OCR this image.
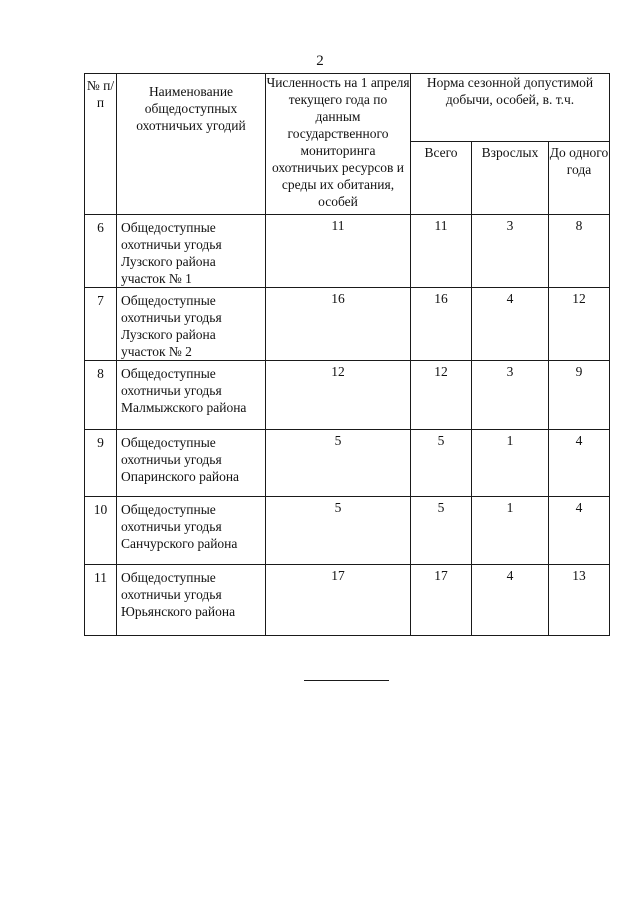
2
№ п/п	Наименование общедоступных охотничьих угодий	Численность на 1 апреля текущего года по данным государственного мониторинга охотничьих ресурсов и среды их обитания, особей	Норма сезонной допустимой добычи, особей, в. т.ч.		
			Всего	Взрослых	До одного года
6	Общедоступные охотничьи угодья Лузского района участок № 1	11	11	3	8
7	Общедоступные охотничьи угодья Лузского района участок № 2	16	16	4	12
8	Общедоступные охотничьи угодья Малмыжского района	12	12	3	9
9	Общедоступные охотничьи угодья Опаринского района	5	5	1	4
10	Общедоступные охотничьи угодья Санчурского района	5	5	1	4
11	Общедоступные охотничьи угодья Юрьянского района	17	17	4	13
